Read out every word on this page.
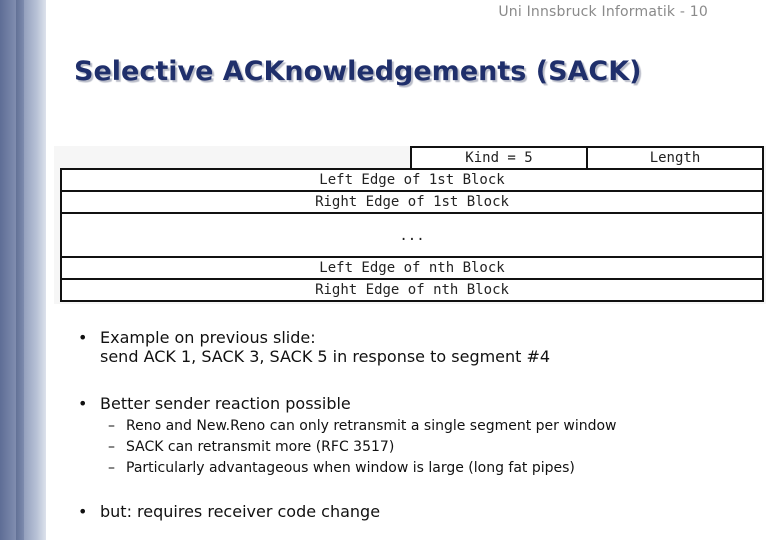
Uni Innsbruck Informatik - 10
Selective ACKnowledgements (SACK)
Kind = 5	Length
Left Edge of 1st Block
Right Edge of 1st Block
...
Left Edge of nth Block
Right Edge of nth Block
• Example on previous slide:
send ACK 1, SACK 3, SACK 5 in response to segment #4
• Better sender reaction possible
– Reno and New.Reno can only retransmit a single segment per window
– SACK can retransmit more (RFC 3517)
– Particularly advantageous when window is large (long fat pipes)
• but: requires receiver code change
